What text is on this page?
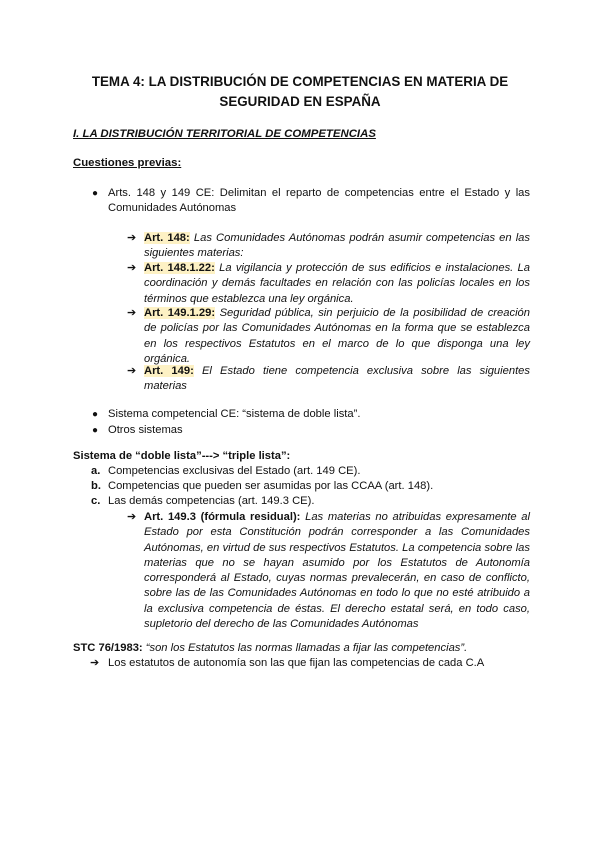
TEMA 4: LA DISTRIBUCIÓN DE COMPETENCIAS EN MATERIA DE
SEGURIDAD EN ESPAÑA
I. LA DISTRIBUCIÓN TERRITORIAL DE COMPETENCIAS
Cuestiones previas:
● Arts. 148 y 149 CE: Delimitan el reparto de competencias entre el Estado y las Comunidades Autónomas
➔ Art. 148: Las Comunidades Autónomas podrán asumir competencias en las siguientes materias:
➔ Art. 148.1.22: La vigilancia y protección de sus edificios e instalaciones. La coordinación y demás facultades en relación con las policías locales en los términos que establezca una ley orgánica.
➔ Art. 149.1.29: Seguridad pública, sin perjuicio de la posibilidad de creación de policías por las Comunidades Autónomas en la forma que se establezca en los respectivos Estatutos en el marco de lo que disponga una ley orgánica.
➔ Art. 149: El Estado tiene competencia exclusiva sobre las siguientes materias
● Sistema competencial CE: “sistema de doble lista”.
● Otros sistemas
Sistema de “doble lista”---> “triple lista”:
a. Competencias exclusivas del Estado (art. 149 CE).
b. Competencias que pueden ser asumidas por las CCAA (art. 148).
c. Las demás competencias (art. 149.3 CE).
➔ Art. 149.3 (fórmula residual): Las materias no atribuidas expresamente al Estado por esta Constitución podrán corresponder a las Comunidades Autónomas, en virtud de sus respectivos Estatutos. La competencia sobre las materias que no se hayan asumido por los Estatutos de Autonomía corresponderá al Estado, cuyas normas prevalecerán, en caso de conflicto, sobre las de las Comunidades Autónomas en todo lo que no esté atribuido a la exclusiva competencia de éstas. El derecho estatal será, en todo caso, supletorio del derecho de las Comunidades Autónomas
STC 76/1983: “son los Estatutos las normas llamadas a fijar las competencias”.
➔ Los estatutos de autonomía son las que fijan las competencias de cada C.A
